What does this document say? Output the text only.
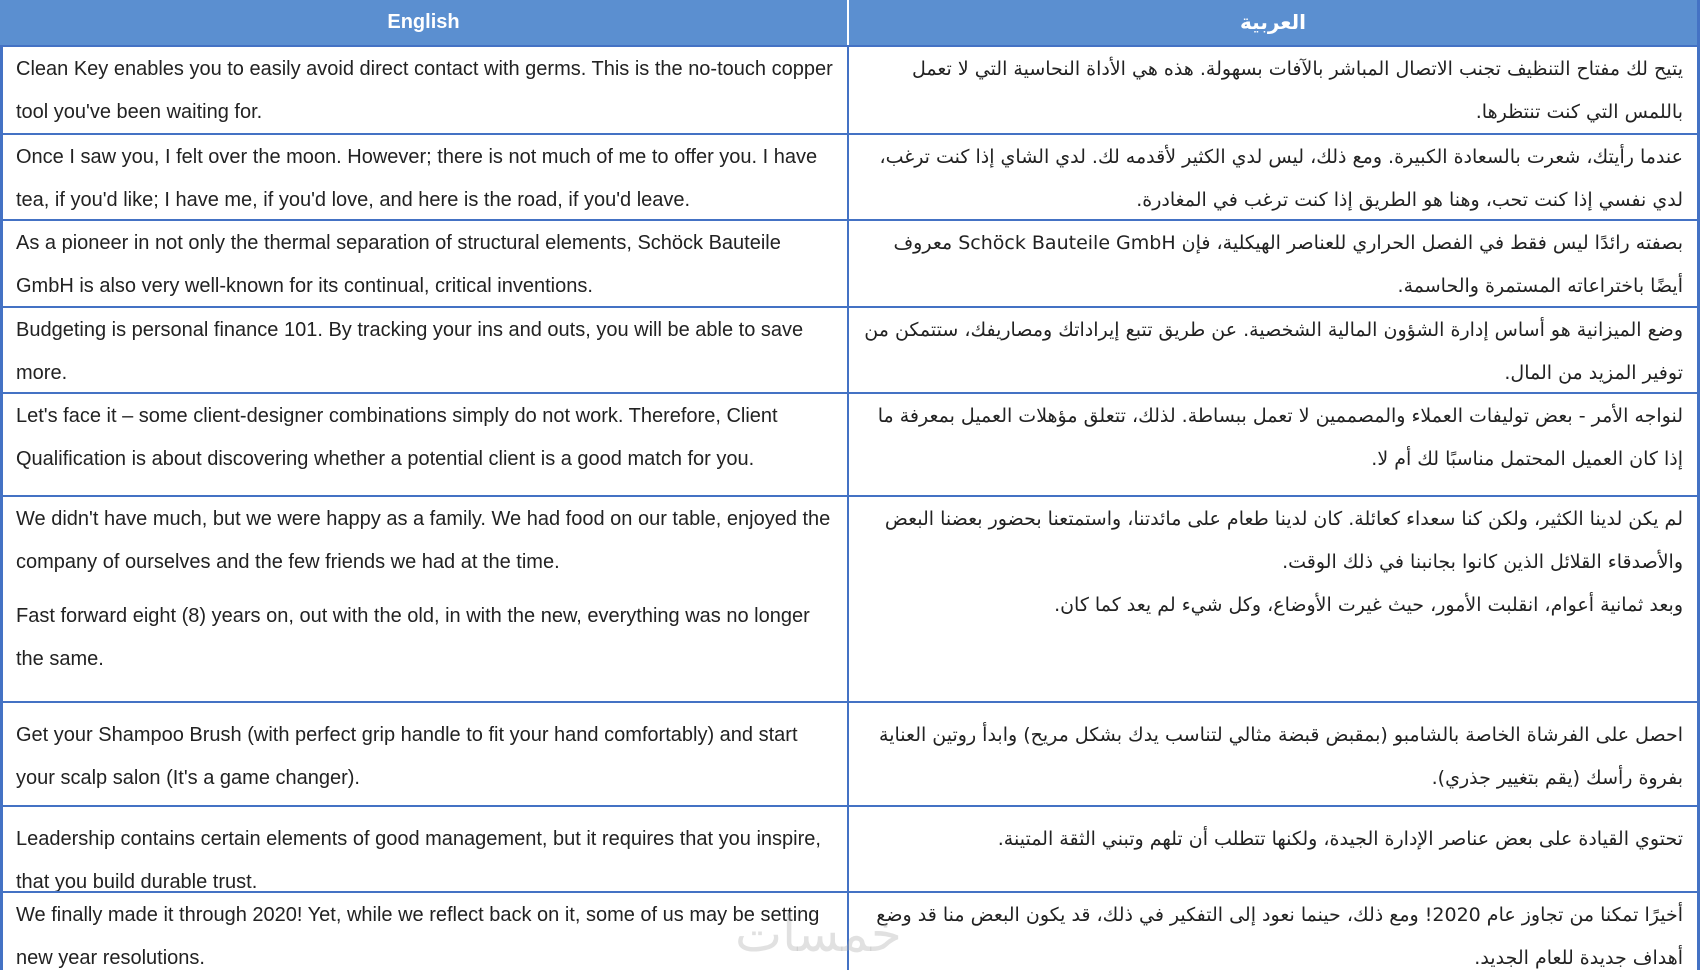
English	العربية

Clean Key enables you to easily avoid direct contact with germs. This is the no-touch copper tool you've been waiting for.

يتيح لك مفتاح التنظيف تجنب الاتصال المباشر بالآفات بسهولة. هذه هي الأداة النحاسية التي لا تعمل باللمس التي كنت تنتظرها.

Once I saw you, I felt over the moon. However; there is not much of me to offer you. I have tea, if you'd like; I have me, if you'd love, and here is the road, if you'd leave.

عندما رأيتك، شعرت بالسعادة الكبيرة. ومع ذلك، ليس لدي الكثير لأقدمه لك. لدي الشاي إذا كنت ترغب، لدي نفسي إذا كنت تحب، وهنا هو الطريق إذا كنت ترغب في المغادرة.

As a pioneer in not only the thermal separation of structural elements, Schöck Bauteile GmbH is also very well-known for its continual, critical inventions.

بصفته رائدًا ليس فقط في الفصل الحراري للعناصر الهيكلية، فإن Schöck Bauteile GmbH معروف أيضًا باختراعاته المستمرة والحاسمة.

Budgeting is personal finance 101. By tracking your ins and outs, you will be able to save more.

وضع الميزانية هو أساس إدارة الشؤون المالية الشخصية. عن طريق تتبع إيراداتك ومصاريفك، ستتمكن من توفير المزيد من المال.

Let's face it – some client-designer combinations simply do not work. Therefore, Client Qualification is about discovering whether a potential client is a good match for you.

لنواجه الأمر - بعض توليفات العملاء والمصممين لا تعمل ببساطة. لذلك، تتعلق مؤهلات العميل بمعرفة ما إذا كان العميل المحتمل مناسبًا لك أم لا.

We didn't have much, but we were happy as a family. We had food on our table, enjoyed the company of ourselves and the few friends we had at the time.

Fast forward eight (8) years on, out with the old, in with the new, everything was no longer the same.

لم يكن لدينا الكثير، ولكن كنا سعداء كعائلة. كان لدينا طعام على مائدتنا، واستمتعنا بحضور بعضنا البعض والأصدقاء القلائل الذين كانوا بجانبنا في ذلك الوقت.

وبعد ثمانية أعوام، انقلبت الأمور، حيث غيرت الأوضاع، وكل شيء لم يعد كما كان.

Get your Shampoo Brush (with perfect grip handle to fit your hand comfortably) and start your scalp salon (It's a game changer).

احصل على الفرشاة الخاصة بالشامبو (بمقبض قبضة مثالي لتناسب يدك بشكل مريح) وابدأ روتين العناية بفروة رأسك (يقم بتغيير جذري).

Leadership contains certain elements of good management, but it requires that you inspire, that you build durable trust.

تحتوي القيادة على بعض عناصر الإدارة الجيدة، ولكنها تتطلب أن تلهم وتبني الثقة المتينة.

We finally made it through 2020! Yet, while we reflect back on it, some of us may be setting new year resolutions.

أخيرًا تمكنا من تجاوز عام 2020! ومع ذلك، حينما نعود إلى التفكير في ذلك، قد يكون البعض منا قد وضع أهداف جديدة للعام الجديد.

خمسات
